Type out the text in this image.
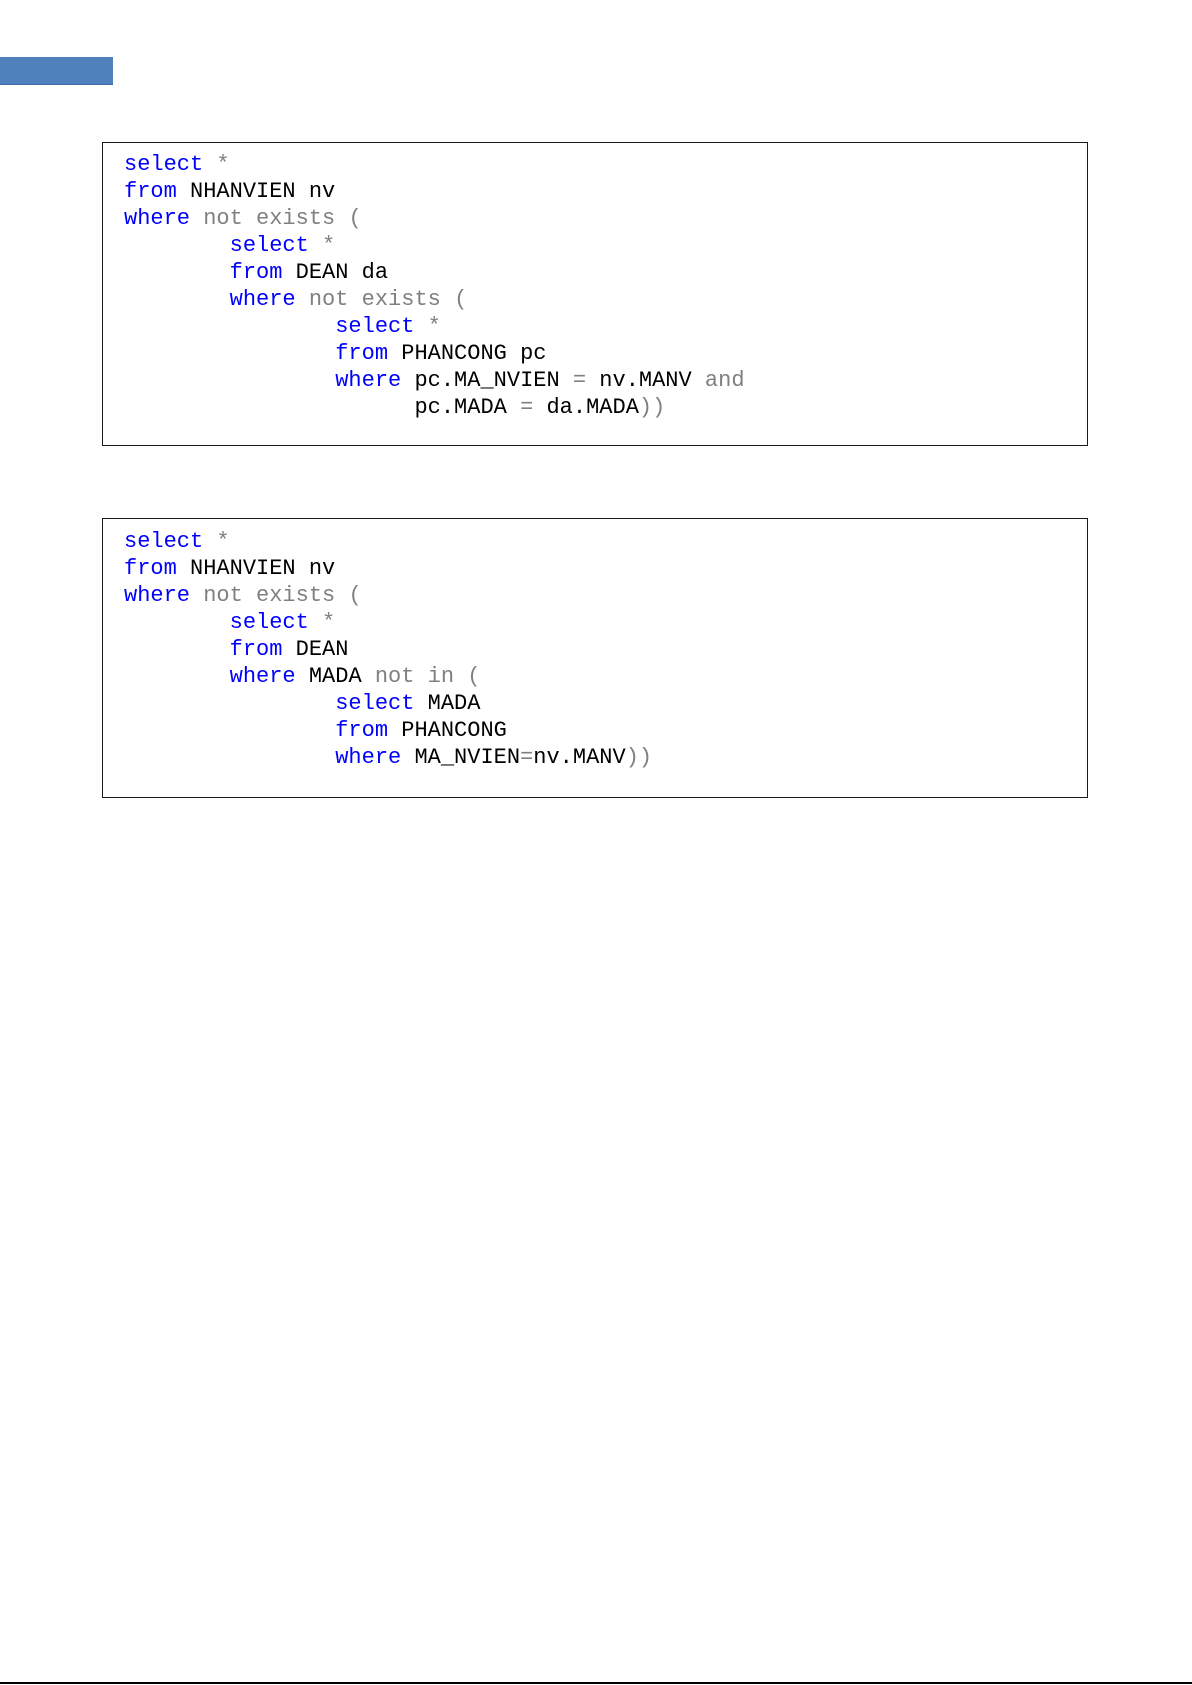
select *
from NHANVIEN nv
where not exists (
select *
from DEAN da
where not exists (
select *
from PHANCONG pc
where pc.MA_NVIEN = nv.MANV and
pc.MADA = da.MADA))
select *
from NHANVIEN nv
where not exists (
select *
from DEAN
where MADA not in (
select MADA
from PHANCONG
where MA_NVIEN=nv.MANV))
